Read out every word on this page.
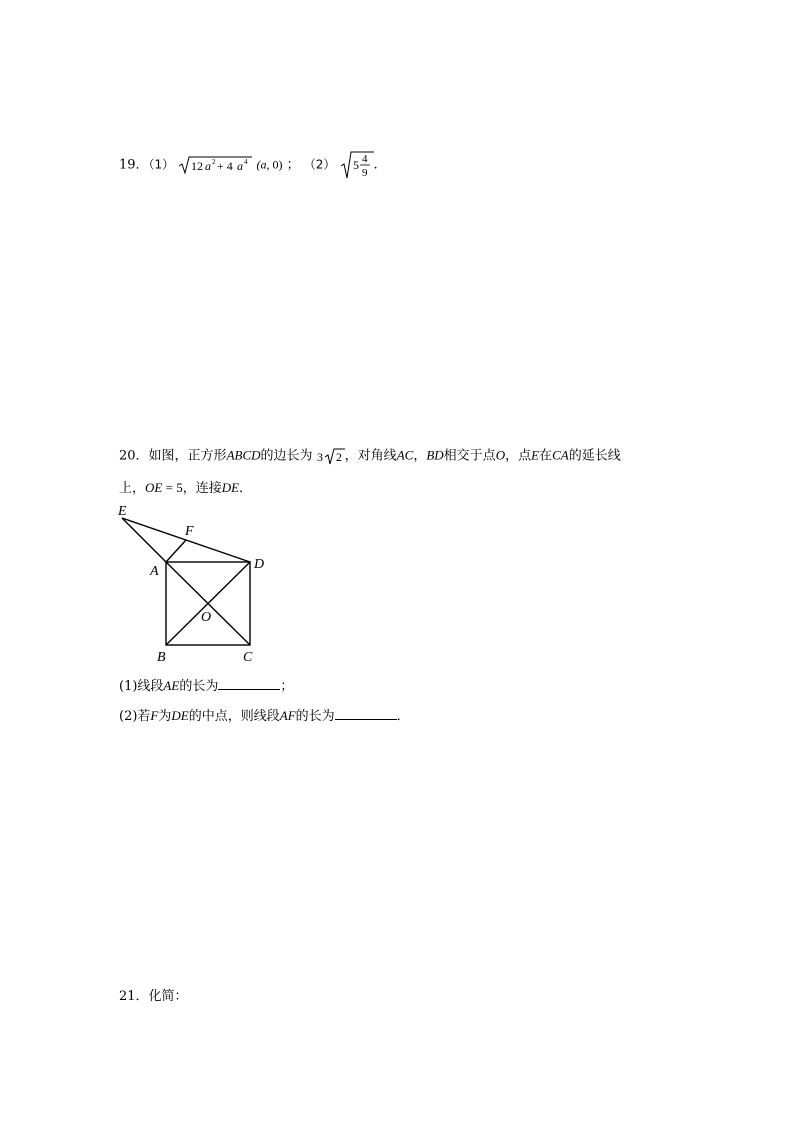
19．（1） 12 a 2 + 4 a 4 (a, 0) ； （2） 5 4
9
.
20．如图，正方形ABCD的边长为 3 2 ，对角线AC，BD相交于点O，点E在CA的延长线
上，OE = 5，连接DE．
E
F
A	D
O
B	C
(1)线段AE的长为	；
(2)若F为DE的中点，则线段AF的长为	．
21．化简：
